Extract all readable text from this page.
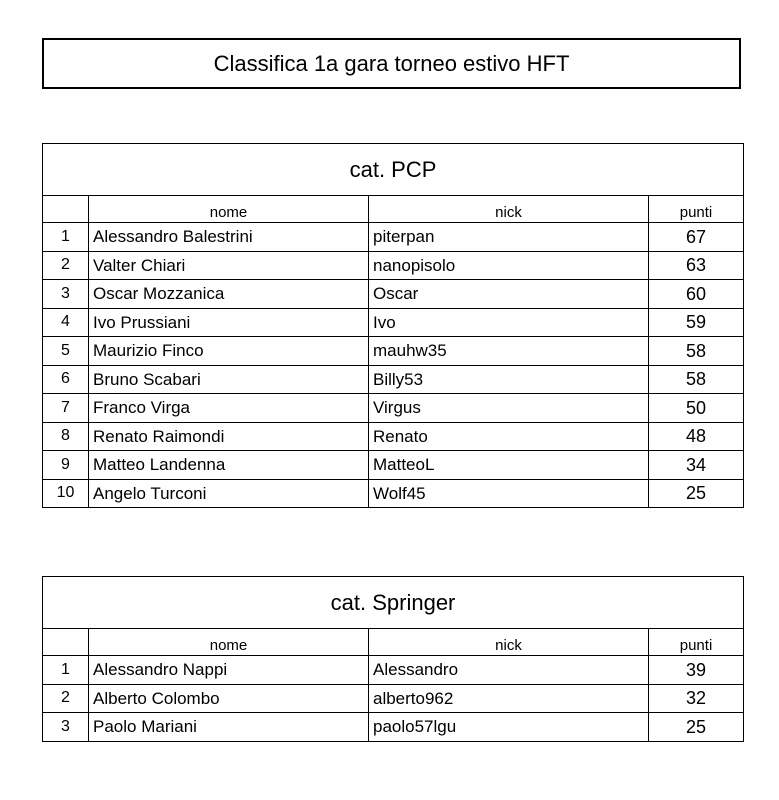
Classifica 1a gara torneo estivo HFT
cat. PCP			
	nome	nick	punti
1	Alessandro Balestrini	piterpan	67
2	Valter Chiari	nanopisolo	63
3	Oscar Mozzanica	Oscar	60
4	Ivo Prussiani	Ivo	59
5	Maurizio Finco	mauhw35	58
6	Bruno Scabari	Billy53	58
7	Franco Virga	Virgus	50
8	Renato Raimondi	Renato	48
9	Matteo Landenna	MatteoL	34
10	Angelo Turconi	Wolf45	25
cat. Springer			
	nome	nick	punti
1	Alessandro Nappi	Alessandro	39
2	Alberto Colombo	alberto962	32
3	Paolo Mariani	paolo57lgu	25
